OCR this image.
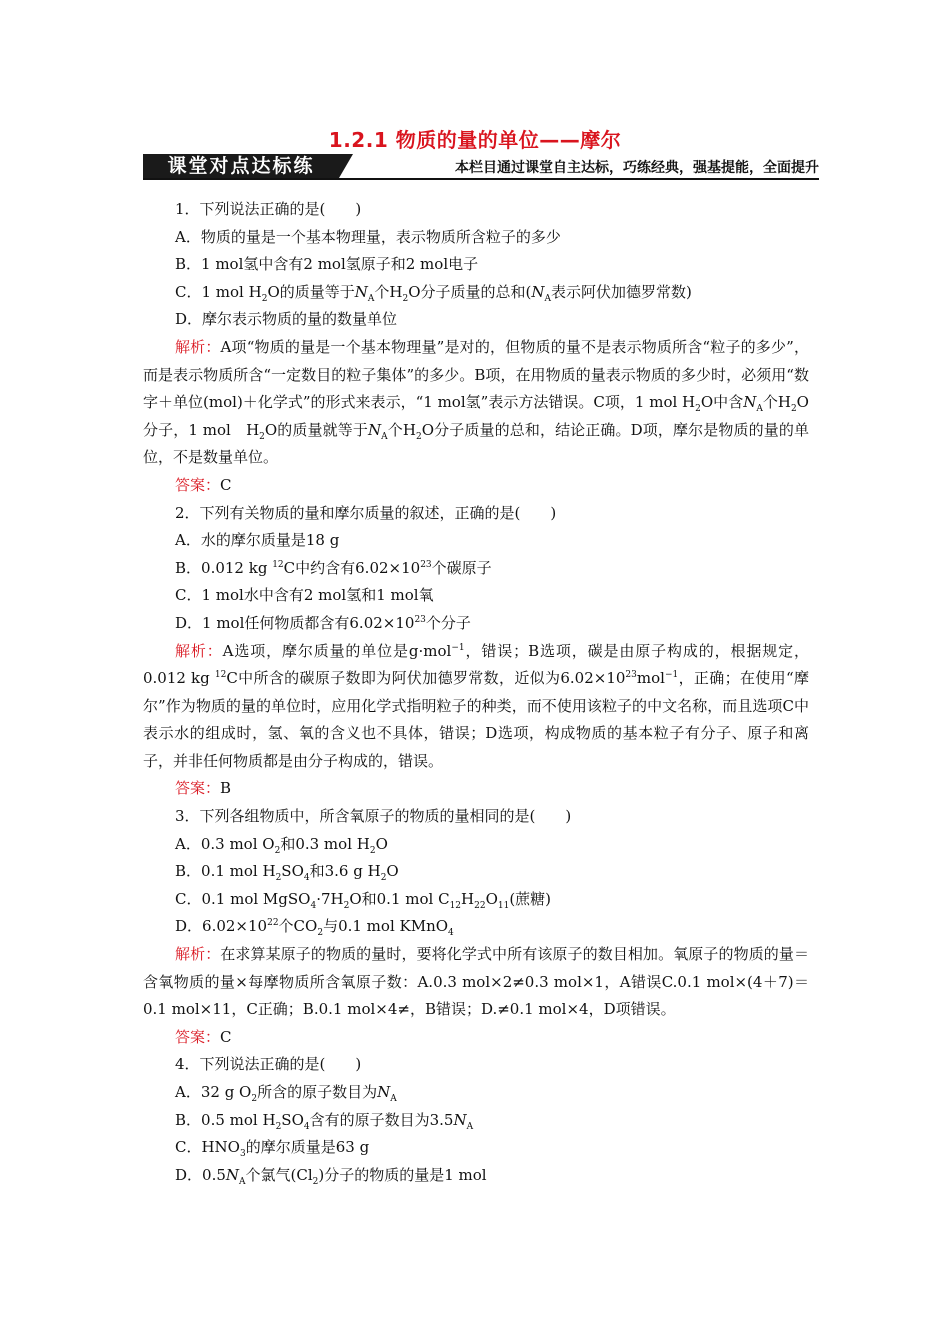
1.2.1 物质的量的单位——摩尔
课堂对点达标练	本栏目通过课堂自主达标，巧练经典，强基提能，全面提升

1．下列说法正确的是(　　)

A．物质的量是一个基本物理量，表示物质所含粒子的多少

B．1 mol氢中含有2 mol氢原子和2 mol电子

C．1 mol $H_2O$的质量等于$N_A$个$H_2O$分子质量的总和($N_A$表示阿伏加德罗常数)

D．摩尔表示物质的量的数量单位

解析：A项“物质的量是一个基本物理量”是对的，但物质的量不是表示物质所含“粒子的多少”，而是表示物质所含“一定数目的粒子集体”的多少。B项，在用物质的量表示物质的多少时，必须用“数字＋单位(mol)＋化学式”的形式来表示，“1 mol氢”表示方法错误。C项，1 mol $H_2O$中含$N_A$个$H_2O$分子，1 mol　$H_2O$的质量就等于$N_A$个$H_2O$分子质量的总和，结论正确。D项，摩尔是物质的量的单位，不是数量单位。

答案：C

2．下列有关物质的量和摩尔质量的叙述，正确的是(　　)

A．水的摩尔质量是18 g

B．0.012 kg $^{12}$C中约含有$6.02\times 10^{23}$个碳原子

C．1 mol水中含有2 mol氢和1 mol氧

D．1 mol任何物质都含有$6.02\times 10^{23}$个分子

解析：A选项，摩尔质量的单位是g·mol$^{-1}$，错误；B选项，碳是由原子构成的，根据规定，0.012 kg $^{12}$C中所含的碳原子数即为阿伏加德罗常数，近似为$6.02\times 10^{23}mol^{-1}$，正确；在使用“摩尔”作为物质的量的单位时，应用化学式指明粒子的种类，而不使用该粒子的中文名称，而且选项C中表示水的组成时，氢、氧的含义也不具体，错误；D选项，构成物质的基本粒子有分子、原子和离子，并非任何物质都是由分子构成的，错误。

答案：B

3．下列各组物质中，所含氧原子的物质的量相同的是(　　)

A．0.3 mol $O_2$和0.3 mol $H_2O$

B．0.1 mol $H_2SO_4$和3.6 g $H_2O$

C．0.1 mol $MgSO_4\cdot 7H_2O$和0.1 mol $C_{12}H_{22}O_{11}$(蔗糖)

D．$6.02\times 10^{22}$个$CO_2$与0.1 mol KMnO$_4$

解析：在求算某原子的物质的量时，要将化学式中所有该原子的数目相加。氧原子的物质的量＝含氧物质的量×每摩物质所含氧原子数：A.0.3 mol×2≠0.3 mol×1，A错误C.0.1 mol×(4＋7)＝0.1 mol×11，C正确；B.0.1 mol×4≠，B错误；D.≠0.1 mol×4，D项错误。

答案：C

4．下列说法正确的是(　　)

A．32 g $O_2$所含的原子数目为$N_A$

B．0.5 mol $H_2SO_4$含有的原子数目为$3.5N_A$

C．$HNO_3$的摩尔质量是63 g

D．$0.5N_A$个氯气$(Cl_2)$分子的物质的量是1 mol
